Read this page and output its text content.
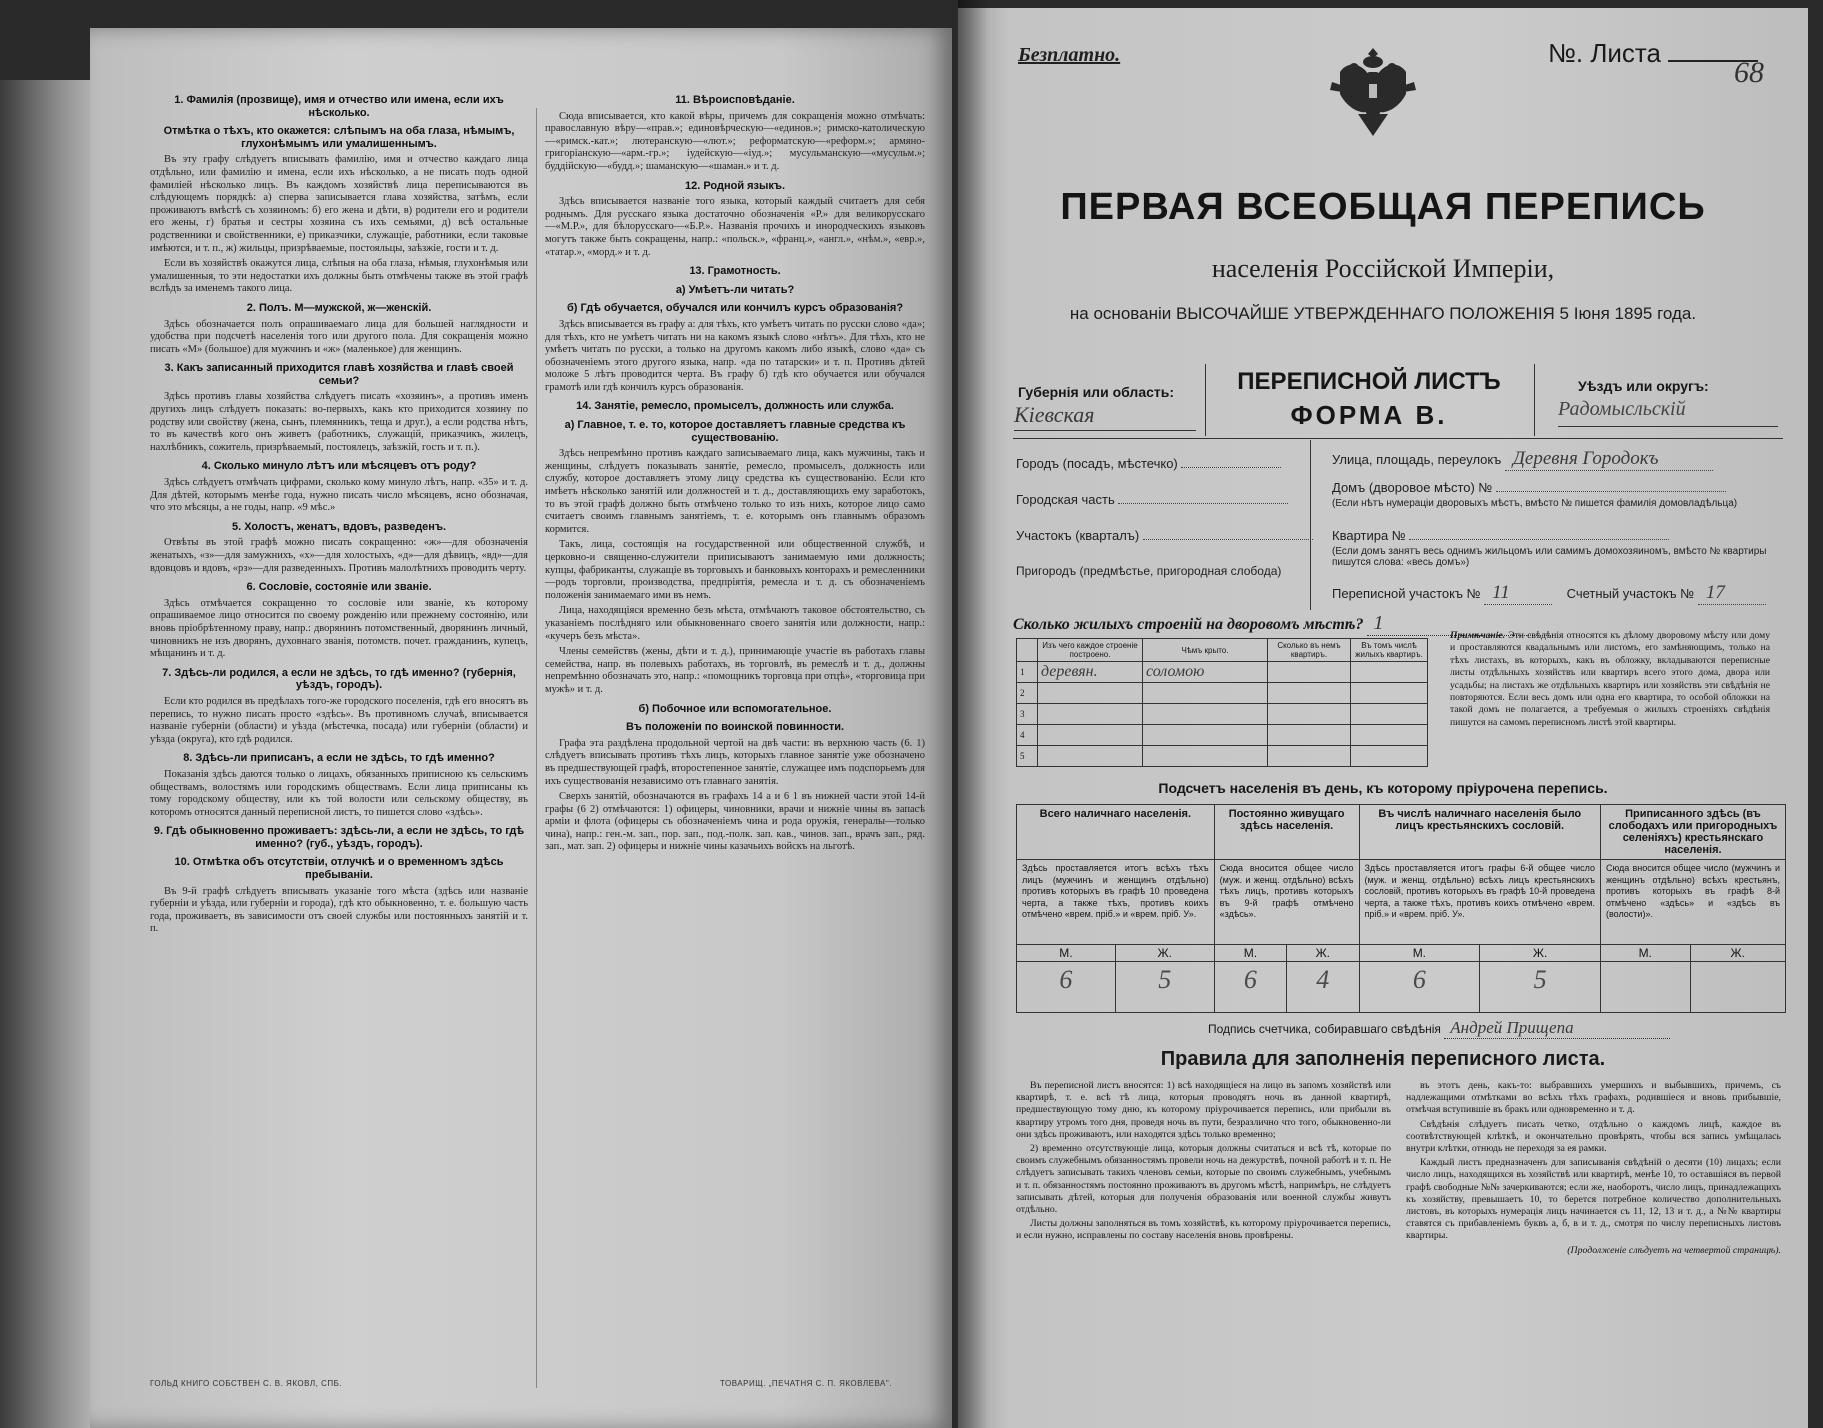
1. Фамилія (прозвище), имя и отчество или имена, если ихъ нѣсколько.
Отмѣтка о тѣхъ, кто окажется: слѣпымъ на оба глаза, нѣмымъ, глухонѣмымъ или умалишеннымъ.

Въ эту графу слѣдуетъ вписывать фамилію, имя и отчество каждаго лица отдѣльно, или фамилію и имена, если ихъ нѣсколько, а не писать подъ одной фамиліей нѣсколько лицъ. Въ каждомъ хозяйствѣ лица переписываются въ слѣдующемъ порядкѣ: а) сперва записывается глава хозяйства, затѣмъ, если проживаютъ вмѣстѣ съ хозяиномъ: б) его жена и дѣти, в) родители его и родители его жены, г) братья и сестры хозяина съ ихъ семьями, д) всѣ остальные родственники и свойственники, е) приказчики, служащіе, работники, если таковые имѣются, и т. п., ж) жильцы, призрѣваемые, постояльцы, заѣзжіе, гости и т. д.

Если въ хозяйствѣ окажутся лица, слѣпыя на оба глаза, нѣмыя, глухонѣмыя или умалишенныя, то эти недостатки ихъ должны быть отмѣчены также въ этой графѣ вслѣдъ за именемъ такого лица.

2. Полъ. М—мужской, ж—женскій.

Здѣсь обозначается полъ опрашиваемаго лица для большей наглядности и удобства при подсчетѣ населенія того или другого пола. Для сокращенія можно писать «М» (большое) для мужчинъ и «ж» (маленькое) для женщинъ.

3. Какъ записанный приходится главѣ хозяйства и главѣ своей семьи?

Здѣсь противъ главы хозяйства слѣдуетъ писать «хозяинъ», а противъ именъ другихъ лицъ слѣдуетъ показать: во-первыхъ, какъ кто приходится хозяину по родству или свойству (жена, сынъ, племянникъ, теща и друг.), а если родства нѣтъ, то въ качествѣ кого онъ живетъ (работникъ, служащій, приказчикъ, жилецъ, нахлѣбникъ, сожитель, призрѣваемый, постоялецъ, заѣзжій, гость и т. п.).

4. Сколько минуло лѣтъ или мѣсяцевъ отъ роду?

Здѣсь слѣдуетъ отмѣчать цифрами, сколько кому минуло лѣтъ, напр. «35» и т. д. Для дѣтей, которымъ менѣе года, нужно писать число мѣсяцевъ, ясно обозначая, что это мѣсяцы, а не годы, напр. «9 мѣс.»

5. Холостъ, женатъ, вдовъ, разведенъ.

Отвѣты въ этой графѣ можно писать сокращенно: «ж»—для обозначенія женатыхъ, «з»—для замужнихъ, «х»—для холостыхъ, «д»—для дѣвицъ, «вд»—для вдовцовъ и вдовъ, «рз»—для разведенныхъ. Противъ малолѣтнихъ проводить черту.

6. Сословіе, состояніе или званіе.

Здѣсь отмѣчается сокращенно то сословіе или званіе, къ которому опрашиваемое лицо относится по своему рожденію или прежнему состоянію, или вновь пріобрѣтенному праву, напр.: дворянинъ потомственный, дворянинъ личный, чиновникъ не изъ дворянъ, духовнаго званія, потомств. почет. гражданинъ, купецъ, мѣщанинъ и т. д.

7. Здѣсь-ли родился, а если не здѣсь, то гдѣ именно? (губернія, уѣздъ, городъ).

Если кто родился въ предѣлахъ того-же городского поселенія, гдѣ его вносятъ въ перепись, то нужно писать просто «здѣсь». Въ противномъ случаѣ, вписывается названіе губерніи (области) и уѣзда (мѣстечка, посада) или губерніи (области) и уѣзда (округа), кто гдѣ родился.

8. Здѣсь-ли приписанъ, а если не здѣсь, то гдѣ именно?

Показанія здѣсь даются только о лицахъ, обязанныхъ приписною къ сельскимъ обществамъ, волостямъ или городскимъ обществамъ. Если лица приписаны къ тому городскому обществу, или къ той волости или сельскому обществу, въ которомъ относятся данный переписной листъ, то пишется слово «здѣсь».

9. Гдѣ обыкновенно проживаетъ: здѣсь-ли, а если не здѣсь, то гдѣ именно? (губ., уѣздъ, городъ).
10. Отмѣтка объ отсутствіи, отлучкѣ и о временномъ здѣсь пребываніи.

Въ 9-й графѣ слѣдуетъ вписывать указаніе того мѣста (здѣсь или названіе губерніи и уѣзда, или губерніи и города), гдѣ кто обыкновенно, т. е. большую часть года, проживаетъ, въ зависимости отъ своей службы или постоянныхъ занятій и т. п.

11. Вѣроисповѣданіе.

Сюда вписывается, кто какой вѣры, причемъ для сокращенія можно отмѣчать: православную вѣру—«прав.»; единовѣрческую—«единов.»; римско-католическую—«римск.-кат.»; лютеранскую—«лют.»; реформатскую—«реформ.»; армяно-григоріанскую—«арм.-гр.»; іудейскую—«іуд.»; мусульманскую—«мусульм.»; буддійскую—«будд.»; шаманскую—«шаман.» и т. д.

12. Родной языкъ.

Здѣсь вписывается названіе того языка, который каждый считаетъ для себя роднымъ. Для русскаго языка достаточно обозначенія «Р.» для великорусскаго—«М.Р.», для бѣлорусскаго—«Б.Р.». Названія прочихъ и инородческихъ языковъ могутъ также быть сокращены, напр.: «польск.», «франц.», «англ.», «нѣм.», «евр.», «татар.», «морд.» и т. д.

13. Грамотность.
а) Умѣетъ-ли читать?
б) Гдѣ обучается, обучался или кончилъ курсъ образованія?

Здѣсь вписывается въ графу а: для тѣхъ, кто умѣетъ читать по русски слово «да»; для тѣхъ, кто не умѣетъ читать ни на какомъ языкѣ слово «нѣтъ». Для тѣхъ, кто не умѣетъ читать по русски, а только на другомъ какомъ либо языкѣ, слово «да» съ обозначеніемъ этого другого языка, напр. «да по татарски» и т. п. Противъ дѣтей моложе 5 лѣтъ проводится черта. Въ графу б) гдѣ кто обучается или обучался грамотѣ или гдѣ кончилъ курсъ образованія.

14. Занятіе, ремесло, промыселъ, должность или служба.
а) Главное, т. е. то, которое доставляетъ главные средства къ существованію.

Здѣсь непремѣнно противъ каждаго записываемаго лица, какъ мужчины, такъ и женщины, слѣдуетъ показывать занятіе, ремесло, промыселъ, должность или службу, которое доставляетъ этому лицу средства къ существованію. Если кто имѣетъ нѣсколько занятій или должностей и т. д., доставляющихъ ему заработокъ, то въ этой графѣ должно быть отмѣчено только то изъ нихъ, которое лицо само считаетъ своимъ главнымъ занятіемъ, т. е. которымъ онъ главнымъ образомъ кормится.

Такъ, лица, состоящія на государственной или общественной службѣ, и церковно-и священно-служители приписываютъ занимаемую ими должность; купцы, фабриканты, служащіе въ торговыхъ и банковыхъ конторахъ и ремесленники—родъ торговли, производства, предпріятія, ремесла и т. д. съ обозначеніемъ положенія занимаемаго ими въ немъ.

Лица, находящіяся временно безъ мѣста, отмѣчаютъ таковое обстоятельство, съ указаніемъ послѣдняго или обыкновеннаго своего занятія или должности, напр.: «кучеръ безъ мѣста».

Члены семействъ (жены, дѣти и т. д.), принимающіе участіе въ работахъ главы семейства, напр. въ полевыхъ работахъ, въ торговлѣ, въ ремеслѣ и т. д., должны непремѣнно обозначать это, напр.: «помощникъ торговца при отцѣ», «торговица при мужѣ» и т. д.

б) Побочное или вспомогательное.
Въ положеніи по воинской повинности.

Графа эта раздѣлена продольной чертой на двѣ части: въ верхнюю часть (6. 1) слѣдуетъ вписывать противъ тѣхъ лицъ, которыхъ главное занятіе уже обозначено въ предшествующей графѣ, второстепенное занятіе, служащее имъ подспорьемъ для ихъ существованія независимо отъ главнаго занятія.

Сверхъ занятій, обозначаются въ графахъ 14 а и 6 1 въ нижней части этой 14-й графы (6 2) отмѣчаются: 1) офицеры, чиновники, врачи и нижніе чины въ запасѣ арміи и флота (офицеры съ обозначеніемъ чина и рода оружія, генералы—только чина), напр.: ген.-м. зап., пор. зап., под.-полк. зап. кав., чинов. зап., врачъ зап., ряд. зап., мат. зап. 2) офицеры и нижніе чины казачьихъ войскъ на льготѣ.

ГОЛЬД КНИГО СОБСТВЕН С. В. ЯКОВЛ, СПБ.	ТОВАРИЩ. „ПЕЧАТНЯ С. П. ЯКОВЛЕВА".
Безплатно.	№. Листа
68
ПЕРВАЯ ВСЕОБЩАЯ ПЕРЕПИСЬ
населенія Россійской Имперіи,
на основаніи ВЫСОЧАЙШЕ УТВЕРЖДЕННАГО ПОЛОЖЕНІЯ 5 Іюня 1895 года.
Губернія или область:
Кіевская
ПЕРЕПИСНОЙ ЛИСТЪ
ФОРМА В.
Уѣздъ или округъ:
Радомысльскій
Городъ (посадъ, мѣстечко)
Городская часть
Участокъ (кварталъ)
Пригородъ (предмѣстье, пригородная слобода)
Улица, площадь, переулокъ Деревня Городокъ
Домъ (дворовое мѣсто) №
(Если нѣтъ нумераціи дворовыхъ мѣстъ, вмѣсто № пишется фамилія домовладѣльца)
Квартира №
(Если домъ занятъ весь однимъ жильцомъ или самимъ домохозяиномъ, вмѣсто № квартиры пишутся слова: «весь домъ»)
Переписной участокъ № 11	Счетный участокъ № 17
Сколько жилыхъ строеній на дворовомъ мѣстѣ? 1
	Изъ чего каждое строеніе построено.	Чѣмъ крыто.	Сколько въ немъ квартиръ.	Въ томъ числѣ жилыхъ квартиръ.
1	деревян.	соломою		
2				
3				
4				
5				
Примѣчаніе. Эти свѣдѣнія относятся къ дѣлому дворовому мѣсту или дому и проставляются квадальнымъ или листомъ, его замѣняющимъ, только на тѣхъ листахъ, въ которыхъ, какъ въ обложку, вкладываются переписные листы отдѣльныхъ хозяйствъ или квартиръ всего этого дома, двора или усадьбы; на листахъ же отдѣльныхъ квартиръ или хозяйствъ эти свѣдѣнія не повторяются. Если весь домъ или одна его квартира, то особой обложки на такой домъ не полагается, а требуемыя о жилыхъ строеніяхъ свѣдѣнія пишутся на самомъ переписномъ листѣ этой квартиры.
Подсчетъ населенія въ день, къ которому пріурочена перепись.
Всего наличнаго населенія.		Постоянно живущаго здѣсь населенія.		Въ числѣ наличнаго населенія было лицъ крестьянскихъ сословій.		Приписанного здѣсь (въ слободахъ или пригородныхъ селеніяхъ) крестьянскаго населенія.	
Здѣсь проставляется итогъ всѣхъ тѣхъ лицъ (мужчинъ и женщинъ отдѣльно) противъ которыхъ въ графѣ 10 проведена черта, а также тѣхъ, противъ коихъ отмѣчено «врем. пріб.» и «врем. пріб. У».		Сюда вносится общее число (муж. и женщ. отдѣльно) всѣхъ тѣхъ лицъ, противъ которыхъ въ 9-й графѣ отмѣчено «здѣсь».		Здѣсь проставляется итогъ графы 6-й общее число (муж. и женщ. отдѣльно) всѣхъ лицъ крестьянскихъ сословій, противъ которыхъ въ графѣ 10-й проведена черта, а также тѣхъ, противъ коихъ отмѣчено «врем. пріб.» и «врем. пріб. У».		Сюда вносится общее число (мужчинъ и женщинъ отдѣльно) всѣхъ крестьянъ, противъ которыхъ въ графѣ 8-й отмѣчено «здѣсь» и «здѣсь въ (волости)».	
М.	Ж.	М.	Ж.	М.	Ж.	М.	Ж.
6	5	6	4	6	5		
Подпись счетчика, собиравшаго свѣдѣнія Андрей Прищепа
Правила для заполненія переписного листа.

Въ переписной листъ вносятся: 1) всѣ находящіеся на лицо въ запомъ хозяйствѣ или квартирѣ, т. е. всѣ тѣ лица, которыя проводятъ ночь въ данной квартирѣ, предшествующую тому дню, къ которому пріурочивается перепись, или прибыли въ квартиру утромъ того дня, проведя ночь въ пути, безразлично что того, обыкновенно-ли они здѣсь проживаютъ, или находятся здѣсь только временно;

2) временно отсутствующіе лица, которыя должны считаться и всѣ тѣ, которые по своимъ служебнымъ обязанностямъ провели ночь на дежурствѣ, почной работѣ и т. п. Не слѣдуетъ записывать такихъ членовъ семьи, которые по своимъ служебнымъ, учебнымъ и т. п. обязанностямъ постоянно проживаютъ въ другомъ мѣстѣ, напримѣръ, не слѣдуетъ записывать дѣтей, которыя для полученія образованія или военной службы живутъ отдѣльно.

Листы должны заполняться въ томъ хозяйствѣ, къ которому пріурочивается перепись, и если нужно, исправлены по составу населенія вновь провѣрены.

въ этотъ день, какъ-то: выбравшихъ умершихъ и выбывшихъ, причемъ, съ надлежащими отмѣтками во всѣхъ тѣхъ графахъ, родившіеся и вновь прибывшіе, отмѣчая вступившіе въ бракъ или одновременно и т. д.

Свѣдѣнія слѣдуетъ писать четко, отдѣльно о каждомъ лицѣ, каждое въ соотвѣтствующей клѣткѣ, и окончательно провѣрять, чтобы вся запись умѣщалась внутри клѣтки, отнюдь не переходя за ея рамки.

Каждый листъ предназначенъ для записыванія свѣдѣній о десяти (10) лицахъ; если число лицъ, находящихся въ хозяйствѣ или квартирѣ, менѣе 10, то оставшіяся въ первой графѣ свободные №№ зачеркиваются; если же, наоборотъ, число лицъ, принадлежащихъ къ хозяйству, превышаетъ 10, то берется потребное количество дополнительныхъ листовъ, въ которыхъ нумерація лицъ начинается съ 11, 12, 13 и т. д., а №№ квартиры ставятся съ прибавленіемъ буквъ а, б, в и т. д., смотря по числу переписныхъ листовъ квартиры.

(Продолженіе слѣдуетъ на четвертой страницѣ).
